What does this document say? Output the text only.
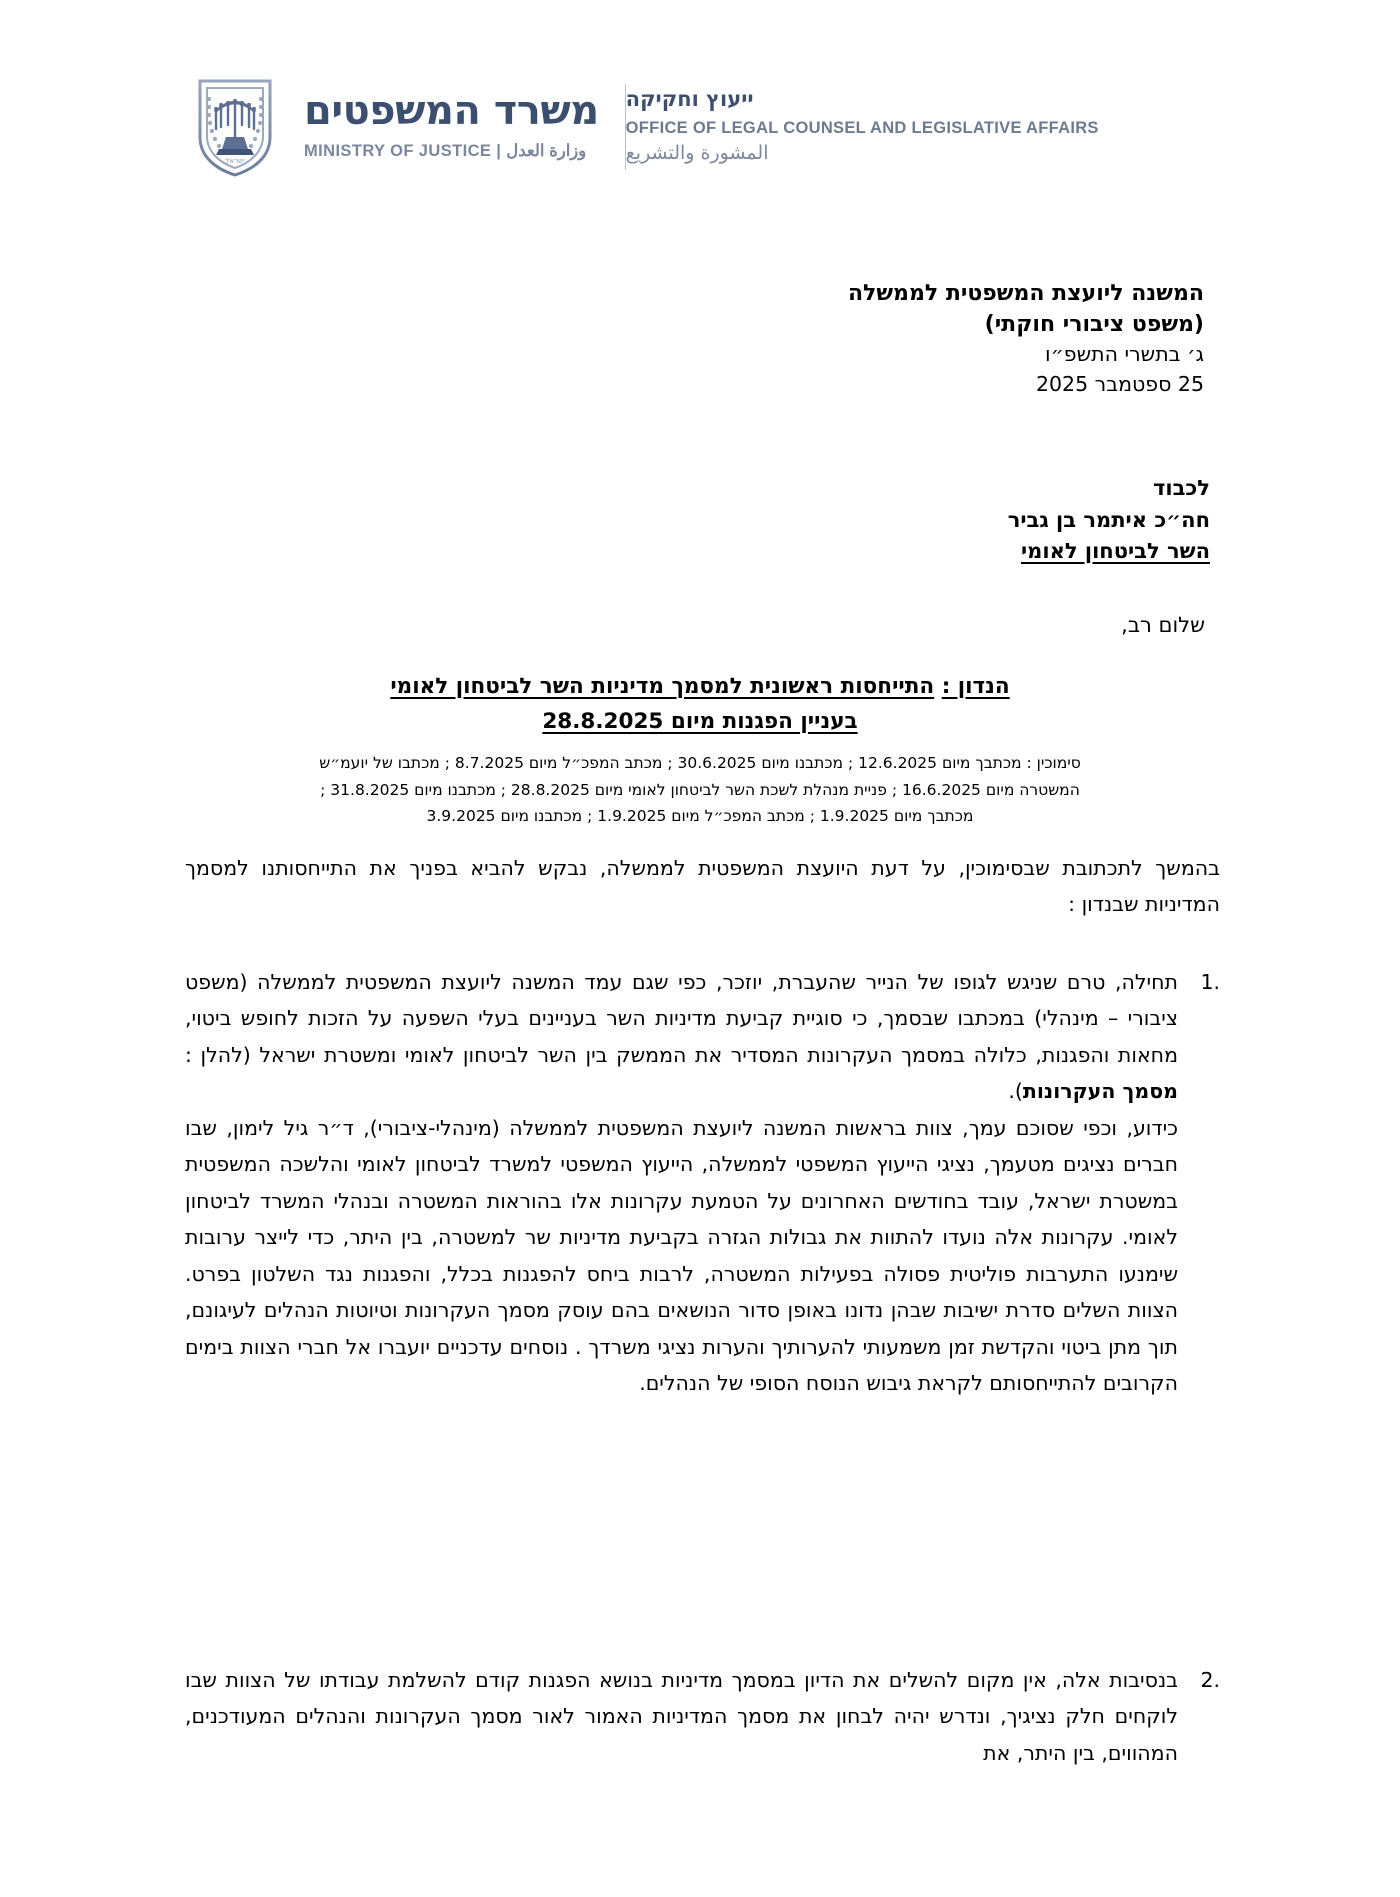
ישראל
משרד המשפטים
MINISTRY OF JUSTICE | وزارة العدل
ייעוץ וחקיקה
OFFICE OF LEGAL COUNSEL AND LEGISLATIVE AFFAIRS
المشورة والتشريع
המשנה ליועצת המשפטית לממשלה
(משפט ציבורי חוקתי)
ג׳ בתשרי התשפ״ו
25 ספטמבר 2025
לכבוד
חה״כ איתמר בן גביר
השר לביטחון לאומי
שלום רב,
הנדון : התייחסות ראשונית למסמך מדיניות השר לביטחון לאומי
בעניין הפגנות מיום 28.8.2025
סימוכין : מכתבך מיום 12.6.2025 ; מכתבנו מיום 30.6.2025 ; מכתב המפכ״ל מיום 8.7.2025 ; מכתבו של יועמ״ש
המשטרה מיום 16.6.2025 ; פניית מנהלת לשכת השר לביטחון לאומי מיום 28.8.2025 ; מכתבנו מיום 31.8.2025 ;
מכתבך מיום 1.9.2025 ; מכתב המפכ״ל מיום 1.9.2025 ; מכתבנו מיום 3.9.2025

בהמשך לתכתובת שבסימוכין, על דעת היועצת המשפטית לממשלה, נבקש להביא בפניך את התייחסותנו למסמך המדיניות שבנדון :

1.

תחילה, טרם שניגש לגופו של הנייר שהעברת, יוזכר, כפי שגם עמד המשנה ליועצת המשפטית לממשלה (משפט ציבורי – מינהלי) במכתבו שבסמך, כי סוגיית קביעת מדיניות השר בעניינים בעלי השפעה על הזכות לחופש ביטוי, מחאות והפגנות, כלולה במסמך העקרונות המסדיר את הממשק בין השר לביטחון לאומי ומשטרת ישראל (להלן : מסמך העקרונות).

כידוע, וכפי שסוכם עמך, צוות בראשות המשנה ליועצת המשפטית לממשלה (מינהלי-ציבורי), ד״ר גיל לימון, שבו חברים נציגים מטעמך, נציגי הייעוץ המשפטי לממשלה, הייעוץ המשפטי למשרד לביטחון לאומי והלשכה המשפטית במשטרת ישראל, עובד בחודשים האחרונים על הטמעת עקרונות אלו בהוראות המשטרה ובנהלי המשרד לביטחון לאומי. עקרונות אלה נועדו להתוות את גבולות הגזרה בקביעת מדיניות שר למשטרה, בין היתר, כדי לייצר ערובות שימנעו התערבות פוליטית פסולה בפעילות המשטרה, לרבות ביחס להפגנות בכלל, והפגנות נגד השלטון בפרט. הצוות השלים סדרת ישיבות שבהן נדונו באופן סדור הנושאים בהם עוסק מסמך העקרונות וטיוטות הנהלים לעיגונם, תוך מתן ביטוי והקדשת זמן משמעותי להערותיך והערות נציגי משרדך . נוסחים עדכניים יועברו אל חברי הצוות בימים הקרובים להתייחסותם לקראת גיבוש הנוסח הסופי של הנהלים.

2.

בנסיבות אלה, אין מקום להשלים את הדיון במסמך מדיניות בנושא הפגנות קודם להשלמת עבודתו של הצוות שבו לוקחים חלק נציגיך, ונדרש יהיה לבחון את מסמך המדיניות האמור לאור מסמך העקרונות והנהלים המעודכנים, המהווים, בין היתר, את
